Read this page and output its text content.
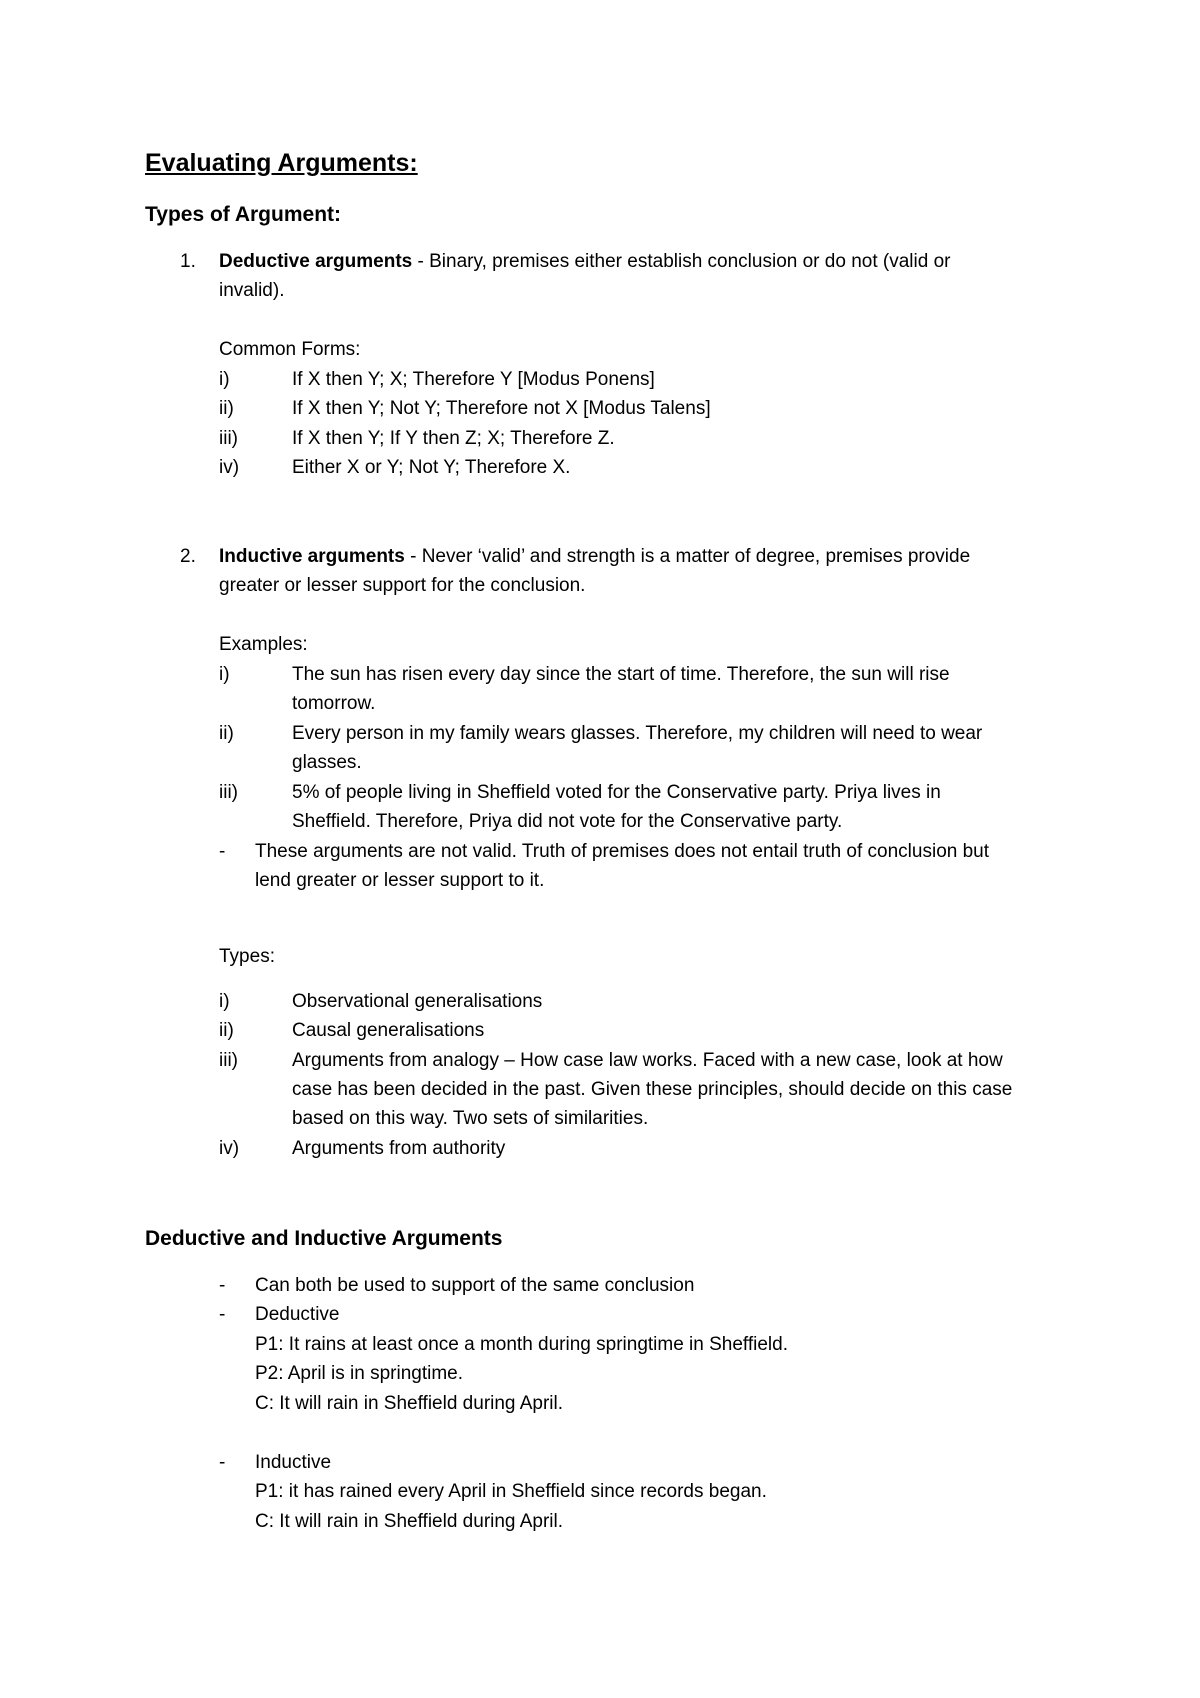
Evaluating Arguments:
Types of Argument:
1. Deductive arguments - Binary, premises either establish conclusion or do not (valid or
invalid).
Common Forms:
i)	If X then Y; X; Therefore Y [Modus Ponens]
ii)	If X then Y; Not Y; Therefore not X [Modus Talens]
iii)	If X then Y; If Y then Z; X; Therefore Z.
iv)	Either X or Y; Not Y; Therefore X.
2. Inductive arguments - Never ‘valid’ and strength is a matter of degree, premises provide
greater or lesser support for the conclusion.
Examples:
i)	The sun has risen every day since the start of time. Therefore, the sun will rise
tomorrow.
ii)	Every person in my family wears glasses. Therefore, my children will need to wear
glasses.
iii)	5% of people living in Sheffield voted for the Conservative party. Priya lives in
Sheffield. Therefore, Priya did not vote for the Conservative party.
- These arguments are not valid. Truth of premises does not entail truth of conclusion but
lend greater or lesser support to it.
Types:
i)	Observational generalisations
ii)	Causal generalisations
iii)	Arguments from analogy – How case law works. Faced with a new case, look at how
case has been decided in the past. Given these principles, should decide on this case
based on this way. Two sets of similarities.
iv)	Arguments from authority
Deductive and Inductive Arguments
- Can both be used to support of the same conclusion
- Deductive
P1: It rains at least once a month during springtime in Sheffield.
P2: April is in springtime.
C: It will rain in Sheffield during April.
- Inductive
P1: it has rained every April in Sheffield since records began.
C: It will rain in Sheffield during April.
